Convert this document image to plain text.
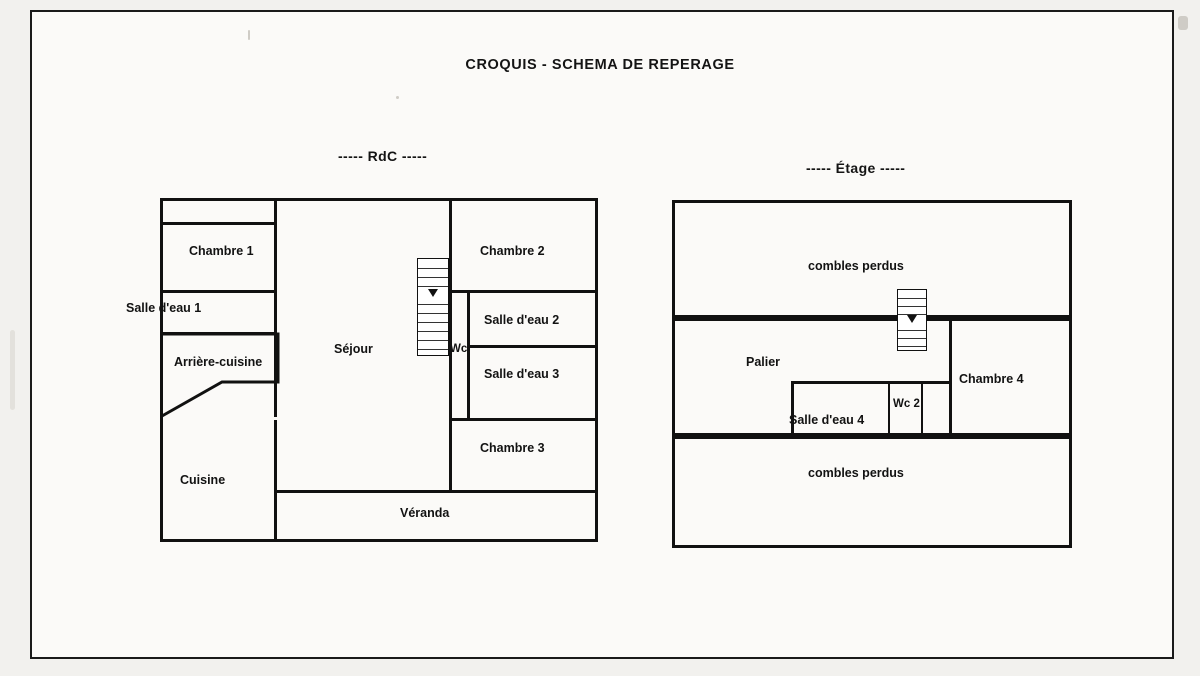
CROQUIS - SCHEMA DE REPERAGE
----- RdC -----
----- Étage -----
Chambre 1
Salle d'eau 1
Arrière-cuisine
Cuisine
Séjour
Véranda
Wc
Chambre 2
Salle d'eau 2
Salle d'eau 3
Chambre 3
combles perdus
Palier
Salle d'eau 4
Wc 2
Chambre 4
combles perdus
